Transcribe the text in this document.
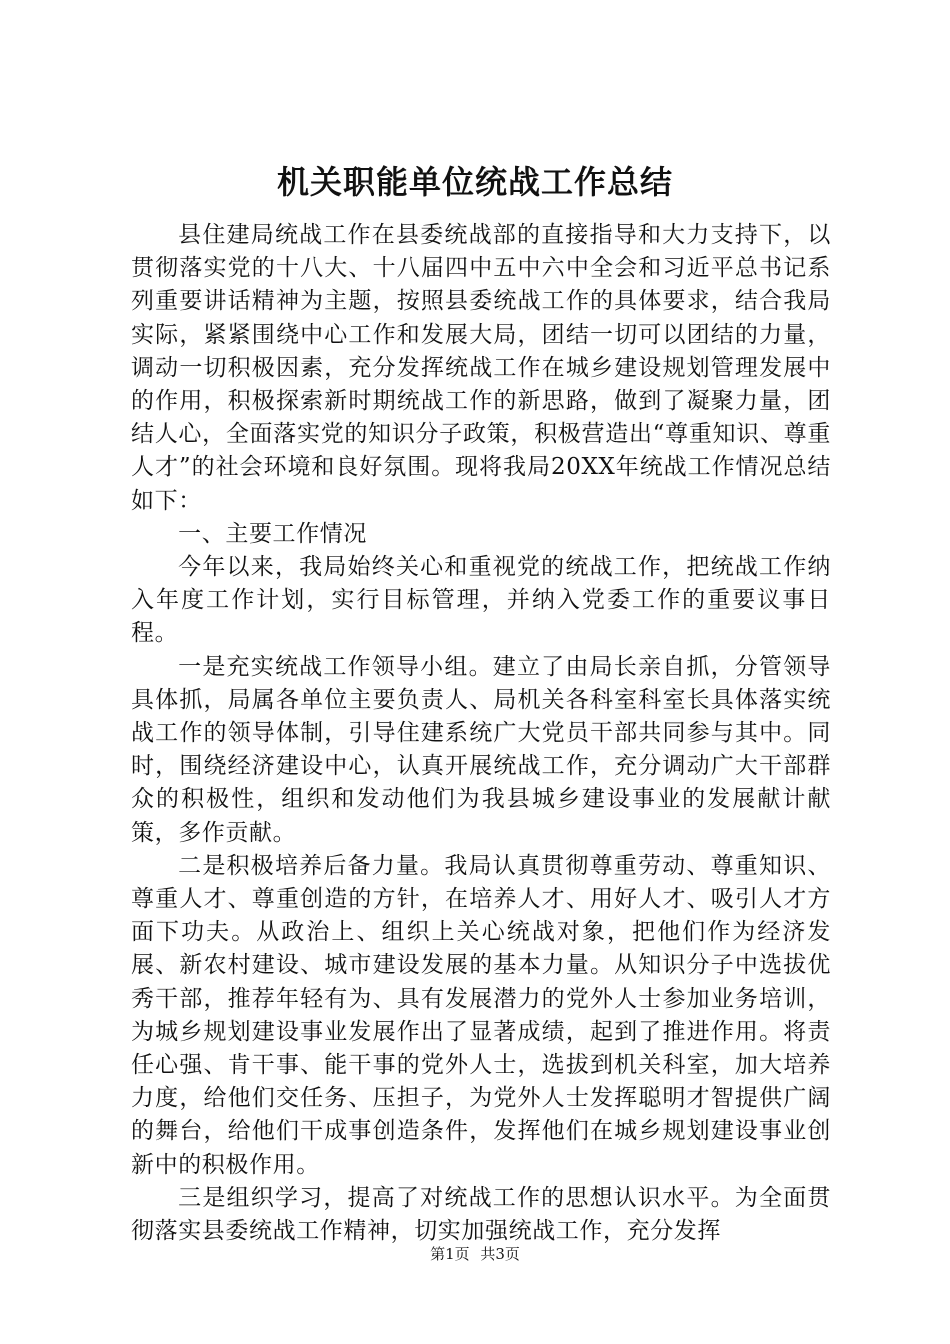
机关职能单位统战工作总结

县住建局统战工作在县委统战部的直接指导和大力支持下，以贯彻落实党的十八大、十八届四中五中六中全会和习近平总书记系列重要讲话精神为主题，按照县委统战工作的具体要求，结合我局实际，紧紧围绕中心工作和发展大局，团结一切可以团结的力量，调动一切积极因素，充分发挥统战工作在城乡建设规划管理发展中的作用，积极探索新时期统战工作的新思路，做到了凝聚力量，团结人心，全面落实党的知识分子政策，积极营造出“尊重知识、尊重人才”的社会环境和良好氛围。现将我局20XX年统战工作情况总结如下：

一、主要工作情况

今年以来，我局始终关心和重视党的统战工作，把统战工作纳入年度工作计划，实行目标管理，并纳入党委工作的重要议事日程。

一是充实统战工作领导小组。建立了由局长亲自抓，分管领导具体抓，局属各单位主要负责人、局机关各科室科室长具体落实统战工作的领导体制，引导住建系统广大党员干部共同参与其中。同时，围绕经济建设中心，认真开展统战工作，充分调动广大干部群众的积极性，组织和发动他们为我县城乡建设事业的发展献计献策，多作贡献。

二是积极培养后备力量。我局认真贯彻尊重劳动、尊重知识、尊重人才、尊重创造的方针，在培养人才、用好人才、吸引人才方面下功夫。从政治上、组织上关心统战对象，把他们作为经济发展、新农村建设、城市建设发展的基本力量。从知识分子中选拔优秀干部，推荐年轻有为、具有发展潜力的党外人士参加业务培训，为城乡规划建设事业发展作出了显著成绩，起到了推进作用。将责任心强、肯干事、能干事的党外人士，选拔到机关科室，加大培养力度，给他们交任务、压担子，为党外人士发挥聪明才智提供广阔的舞台，给他们干成事创造条件，发挥他们在城乡规划建设事业创新中的积极作用。

三是组织学习，提高了对统战工作的思想认识水平。为全面贯彻落实县委统战工作精神，切实加强统战工作，充分发挥

第1页 共3页
